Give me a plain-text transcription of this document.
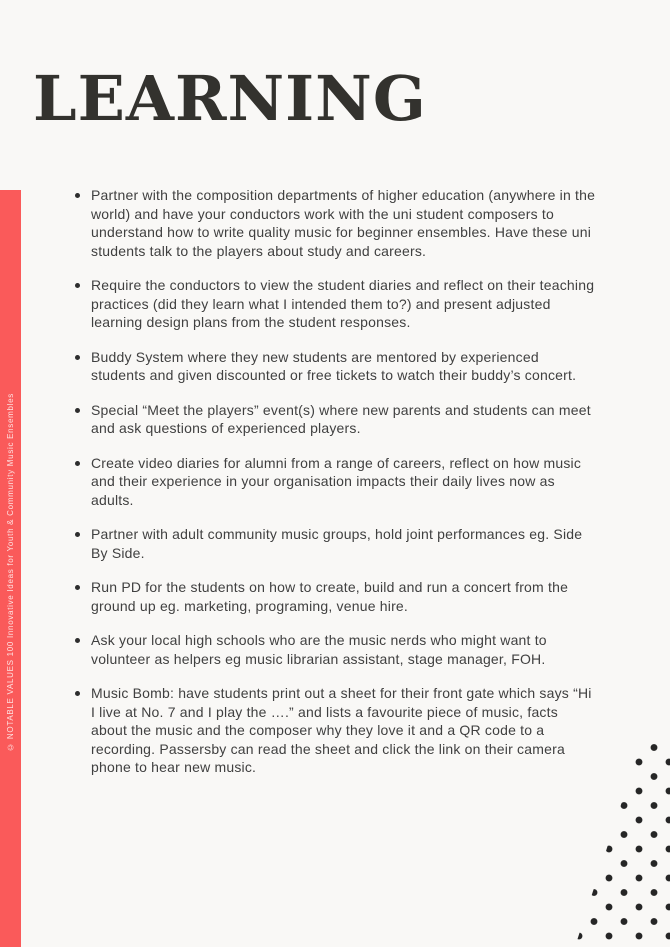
© NOTABLE VALUES 100 Innovative Ideas for Youth & Community Music Ensembles
LEARNING
Partner with the composition departments of higher education (anywhere in the world) and have your conductors work with the uni student composers to understand how to write quality music for beginner ensembles. Have these uni students talk to the players about study and careers.
Require the conductors to view the student diaries and reflect on their teaching practices (did they learn what I intended them to?) and present adjusted learning design plans from the student responses.
Buddy System where they new students are mentored by experienced students and given discounted or free tickets to watch their buddy’s concert.
Special “Meet the players” event(s) where new parents and students can meet and ask questions of experienced players.
Create video diaries for alumni from a range of careers, reflect on how music and their experience in your organisation impacts their daily lives now as adults.
Partner with adult community music groups, hold joint performances eg. Side By Side.
Run PD for the students on how to create, build and run a concert from the ground up eg. marketing, programing, venue hire.
Ask your local high schools who are the music nerds who might want to volunteer as helpers eg music librarian assistant, stage manager, FOH.
Music Bomb: have students print out a sheet for their front gate which says “Hi I live at No. 7 and I play the ….” and lists a favourite piece of music, facts about the music and the composer why they love it and a QR code to a recording. Passersby can read the sheet and click the link on their camera phone to hear new music.
